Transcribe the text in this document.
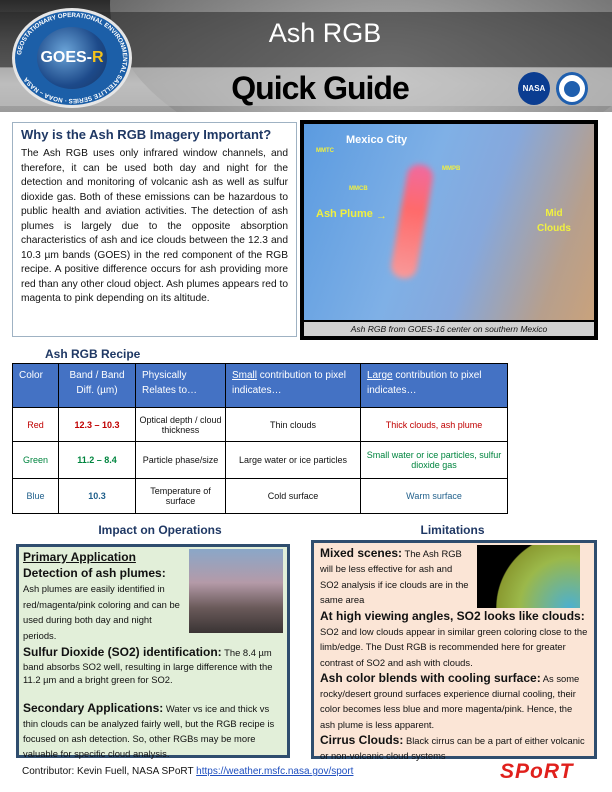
GEOSTATIONARY OPERATIONAL ENVIRONMENTAL SATELLITE SERIES · NOAA – NASA
GOES- R
Ash RGB
Quick Guide	NASA
Why is the Ash RGB Imagery Important?

The Ash RGB uses only infrared window channels, and therefore, it can be used both day and night for the detection and monitoring of volcanic ash as well as sulfur dioxide gas. Both of these emissions can be hazardous to public health and aviation activities. The detection of ash plumes is largely due to the opposite absorption characteristics of ash and ice clouds between the 12.3 and 10.3 µm bands (GOES) in the red component of the RGB recipe. A positive difference occurs for ash providing more red than any other cloud object. Ash plumes appears red to magenta to pink depending on its altitude.

Mexico City
MMTC
MMPB
MMCB
Ash Plume →	Mid Clouds
Ash RGB from GOES-16 center on southern Mexico
Ash RGB Recipe
Color	Band / Band Diff. (µm)	Physically Relates to…	Small contribution to pixel indicates…	Large contribution to pixel indicates…
Red	12.3 – 10.3	Optical depth / cloud thickness	Thin clouds	Thick clouds, ash plume
Green	11.2 – 8.4	Particle phase/size	Large water or ice particles	Small water or ice particles, sulfur dioxide gas
Blue	10.3	Temperature of surface	Cold surface	Warm surface
Impact on Operations
Primary Application
Detection of ash plumes:
Ash plumes are easily identified in red/magenta/pink coloring and can be used during both day and night periods.
Sulfur Dioxide (SO2) identification: The 8.4 µm band absorbs SO2 well, resulting in large difference with the 11.2 µm and a bright green for SO2.
Secondary Applications: Water vs ice and thick vs thin clouds can be analyzed fairly well, but the RGB recipe is focused on ash detection. So, other RGBs may be more valuable for specific cloud analysis.
Limitations
Mixed scenes: The Ash RGB will be less effective for ash and SO2 analysis if ice clouds are in the same area
At high viewing angles, SO2 looks like clouds:
SO2 and low clouds appear in similar green coloring close to the limb/edge. The Dust RGB is recommended here for greater contrast of SO2 and ash with clouds.
Ash color blends with cooling surface: As some rocky/desert ground surfaces experience diurnal cooling, their color becomes less blue and more magenta/pink. Hence, the ash plume is less apparent.
Cirrus Clouds: Black cirrus can be a part of either volcanic or non-volcanic cloud systems
Contributor: Kevin Fuell, NASA SPoRT https://weather.msfc.nasa.gov/sport	SPoRT
